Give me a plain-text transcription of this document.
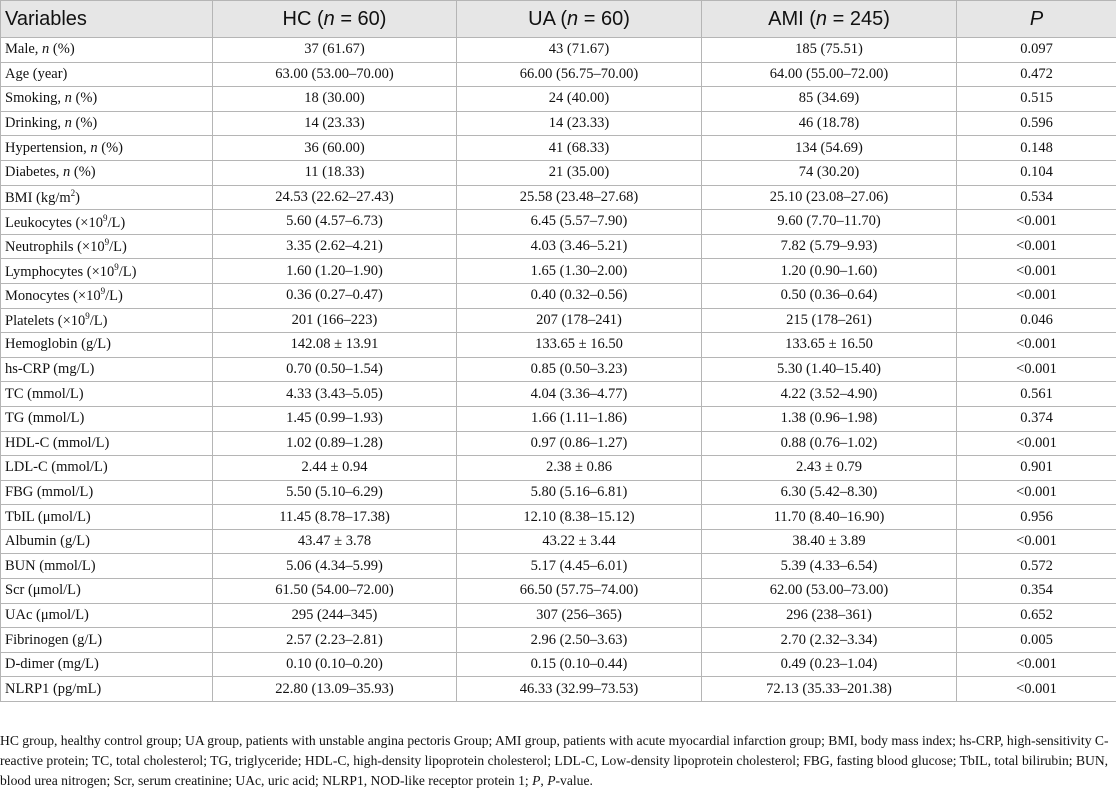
Variables	HC (n = 60)	UA (n = 60)	AMI (n = 245)	P
Male, n (%)	37 (61.67)	43 (71.67)	185 (75.51)	0.097
Age (year)	63.00 (53.00–70.00)	66.00 (56.75–70.00)	64.00 (55.00–72.00)	0.472
Smoking, n (%)	18 (30.00)	24 (40.00)	85 (34.69)	0.515
Drinking, n (%)	14 (23.33)	14 (23.33)	46 (18.78)	0.596
Hypertension, n (%)	36 (60.00)	41 (68.33)	134 (54.69)	0.148
Diabetes, n (%)	11 (18.33)	21 (35.00)	74 (30.20)	0.104
BMI $(kg/m^2)$	24.53 (22.62–27.43)	25.58 (23.48–27.68)	25.10 (23.08–27.06)	0.534
Leukocytes $(\times 10^9/L)$	5.60 (4.57–6.73)	6.45 (5.57–7.90)	9.60 (7.70–11.70)	<0.001
Neutrophils $(\times 10^9/L)$	3.35 (2.62–4.21)	4.03 (3.46–5.21)	7.82 (5.79–9.93)	<0.001
Lymphocytes $(\times 10^9/L)$	1.60 (1.20–1.90)	1.65 (1.30–2.00)	1.20 (0.90–1.60)	<0.001
Monocytes $(\times 10^9/L)$	0.36 (0.27–0.47)	0.40 (0.32–0.56)	0.50 (0.36–0.64)	<0.001
Platelets $(\times 10^9/L)$	201 (166–223)	207 (178–241)	215 (178–261)	0.046
Hemoglobin (g/L)	142.08 ± 13.91	133.65 ± 16.50	133.65 ± 16.50	<0.001
hs-CRP (mg/L)	0.70 (0.50–1.54)	0.85 (0.50–3.23)	5.30 (1.40–15.40)	<0.001
TC (mmol/L)	4.33 (3.43–5.05)	4.04 (3.36–4.77)	4.22 (3.52–4.90)	0.561
TG (mmol/L)	1.45 (0.99–1.93)	1.66 (1.11–1.86)	1.38 (0.96–1.98)	0.374
HDL-C (mmol/L)	1.02 (0.89–1.28)	0.97 (0.86–1.27)	0.88 (0.76–1.02)	<0.001
LDL-C (mmol/L)	2.44 ± 0.94	2.38 ± 0.86	2.43 ± 0.79	0.901
FBG (mmol/L)	5.50 (5.10–6.29)	5.80 (5.16–6.81)	6.30 (5.42–8.30)	<0.001
TbIL (μmol/L)	11.45 (8.78–17.38)	12.10 (8.38–15.12)	11.70 (8.40–16.90)	0.956
Albumin (g/L)	43.47 ± 3.78	43.22 ± 3.44	38.40 ± 3.89	<0.001
BUN (mmol/L)	5.06 (4.34–5.99)	5.17 (4.45–6.01)	5.39 (4.33–6.54)	0.572
Scr (μmol/L)	61.50 (54.00–72.00)	66.50 (57.75–74.00)	62.00 (53.00–73.00)	0.354
UAc (μmol/L)	295 (244–345)	307 (256–365)	296 (238–361)	0.652
Fibrinogen (g/L)	2.57 (2.23–2.81)	2.96 (2.50–3.63)	2.70 (2.32–3.34)	0.005
D-dimer (mg/L)	0.10 (0.10–0.20)	0.15 (0.10–0.44)	0.49 (0.23–1.04)	<0.001
NLRP1 (pg/mL)	22.80 (13.09–35.93)	46.33 (32.99–73.53)	72.13 (35.33–201.38)	<0.001
HC group, healthy control group; UA group, patients with unstable angina pectoris Group; AMI group, patients with acute myocardial infarction group; BMI, body mass index; hs-CRP, high-sensitivity C-reactive protein; TC, total cholesterol; TG, triglyceride; HDL-C, high-density lipoprotein cholesterol; LDL-C, Low-density lipoprotein cholesterol; FBG, fasting blood glucose; TbIL, total bilirubin; BUN, blood urea nitrogen; Scr, serum creatinine; UAc, uric acid; NLRP1, NOD-like receptor protein 1; P, P-value.
